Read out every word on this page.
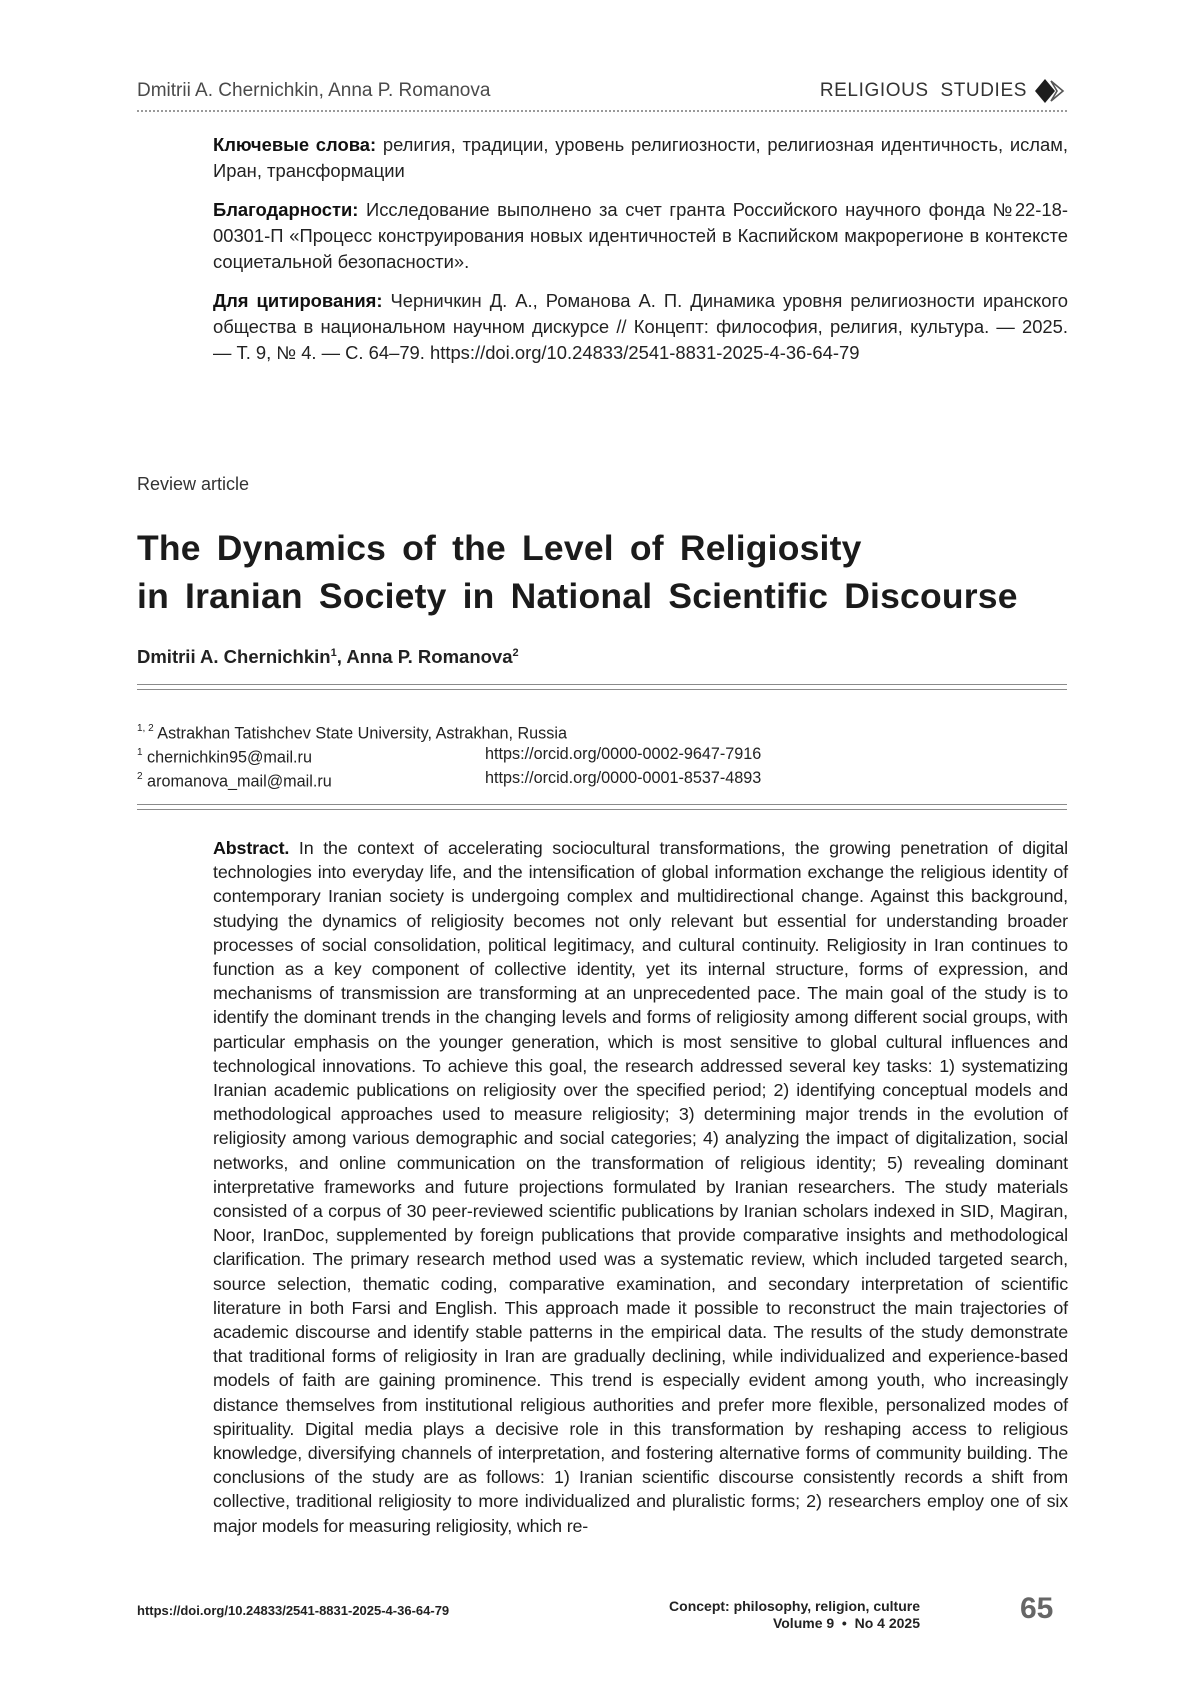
Dmitrii A. Chernichkin, Anna P. Romanova	RELIGIOUS  STUDIES

Ключевые слова: религия, традиции, уровень религиозности, религиозная идентичность, ислам, Иран, трансформации

Благодарности: Исследование выполнено за счет гранта Российского научного фонда №22-18-00301-П «Процесс конструирования новых идентичностей в Каспийском макрорегионе в контексте социетальной безопасности».

Для цитирования: Черничкин Д. А., Романова А. П. Динамика уровня религиозности иранского общества в национальном научном дискурсе // Концепт: философия, религия, культура. — 2025. — Т. 9, № 4. — С. 64–79. https://doi.org/10.24833/2541-8831-2025-4-36-64-79

Review article
The Dynamics of the Level of Religiosity
in Iranian Society in National Scientific Discourse
Dmitrii A. Chernichkin$^1$, Anna P. Romanova$^2$
$^{1, 2}$ Astrakhan Tatishchev State University, Astrakhan, Russia
$^1$ chernichkin95@mail.ru	https://orcid.org/0000-0002-9647-7916
$^2$ aromanova_mail@mail.ru	https://orcid.org/0000-0001-8537-4893

Abstract. In the context of accelerating sociocultural transformations, the growing penetration of digital technologies into everyday life, and the intensification of global information exchange the religious identity of contemporary Iranian society is undergoing complex and multidirectional change. Against this background, studying the dynamics of religiosity becomes not only relevant but essential for understanding broader processes of social consolidation, political legitimacy, and cultural continuity. Religiosity in Iran continues to function as a key component of collective identity, yet its internal structure, forms of expression, and mechanisms of transmission are transforming at an unprecedented pace. The main goal of the study is to identify the dominant trends in the changing levels and forms of religiosity among different social groups, with particular emphasis on the younger generation, which is most sensitive to global cultural influences and technological innovations. To achieve this goal, the research addressed several key tasks: 1) systematizing Iranian academic publications on religiosity over the specified period; 2) identifying conceptual models and methodological approaches used to measure religiosity; 3) determining major trends in the evolution of religiosity among various demographic and social categories; 4) analyzing the impact of digitalization, social networks, and online communication on the transformation of religious identity; 5) revealing dominant interpretative frameworks and future projections formulated by Iranian researchers. The study materials consisted of a corpus of 30 peer-reviewed scientific publications by Iranian scholars indexed in SID, Magiran, Noor, IranDoc, supplemented by foreign publications that provide comparative insights and methodological clarification. The primary research method used was a systematic review, which included targeted search, source selection, thematic coding, comparative examination, and secondary interpretation of scientific literature in both Farsi and English. This approach made it possible to reconstruct the main trajectories of academic discourse and identify stable patterns in the empirical data. The results of the study demonstrate that traditional forms of religiosity in Iran are gradually declining, while individualized and experience-based models of faith are gaining prominence. This trend is especially evident among youth, who increasingly distance themselves from institutional religious authorities and prefer more flexible, personalized modes of spirituality. Digital media plays a decisive role in this transformation by reshaping access to religious knowledge, diversifying channels of interpretation, and fostering alternative forms of community building. The conclusions of the study are as follows: 1) Iranian scientific discourse consistently records a shift from collective, traditional religiosity to more individualized and pluralistic forms; 2) researchers employ one of six major models for measuring religiosity, which re-

https://doi.org/10.24833/2541-8831-2025-4-36-64-79	Concept: philosophy, religion, culture
Volume 9  •  No 4 2025	65
